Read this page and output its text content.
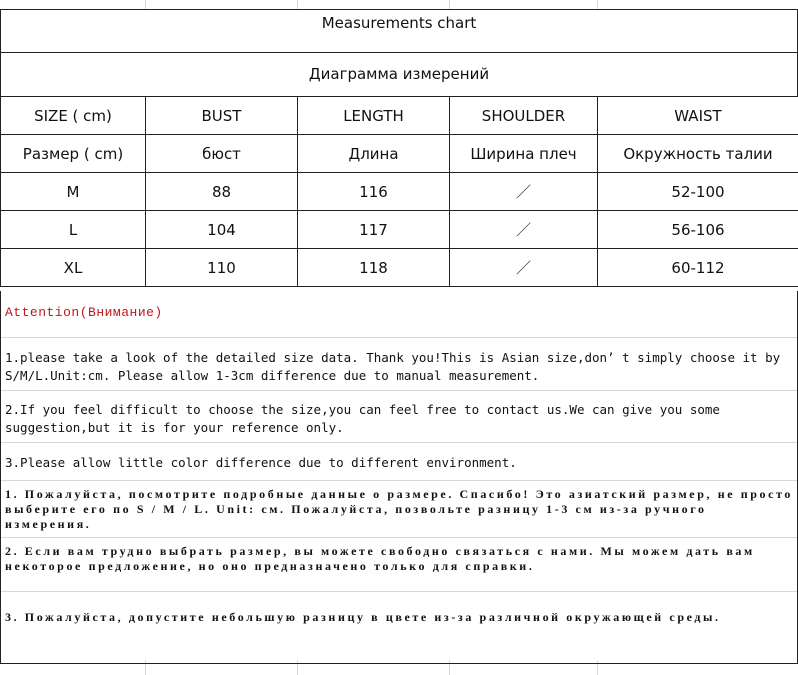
Measurements chart
Диаграмма измерений
SIZE ( cm)	BUST	LENGTH	SHOULDER	WAIST
Размер ( cm)	бюст	Длина	Ширина плеч	Окружность талии
M	88	116	／	52-100
L	104	117	／	56-106
XL	110	118	／	60-112
Attention(Внимание)
1.please take a look of the detailed size data. Thank you!This is Asian size,don’ t simply choose it by S/M/L.Unit:cm. Please allow 1-3cm difference due to manual measurement.
2.If you feel difficult to choose the size,you can feel free to contact us.We can give you some suggestion,but it is for your reference only.
3.Please allow little color difference due to different environment.
1. Пожалуйста, посмотрите подробные данные о размере. Спасибо! Это азиатский размер, не просто выберите его по S / M / L. Unit: см. Пожалуйста, позвольте разницу 1-3 см из-за ручного измерения.
2. Если вам трудно выбрать размер, вы можете свободно связаться с нами. Мы можем дать вам некоторое предложение, но оно предназначено только для справки.
3. Пожалуйста, допустите небольшую разницу в цвете из-за различной окружающей среды.
